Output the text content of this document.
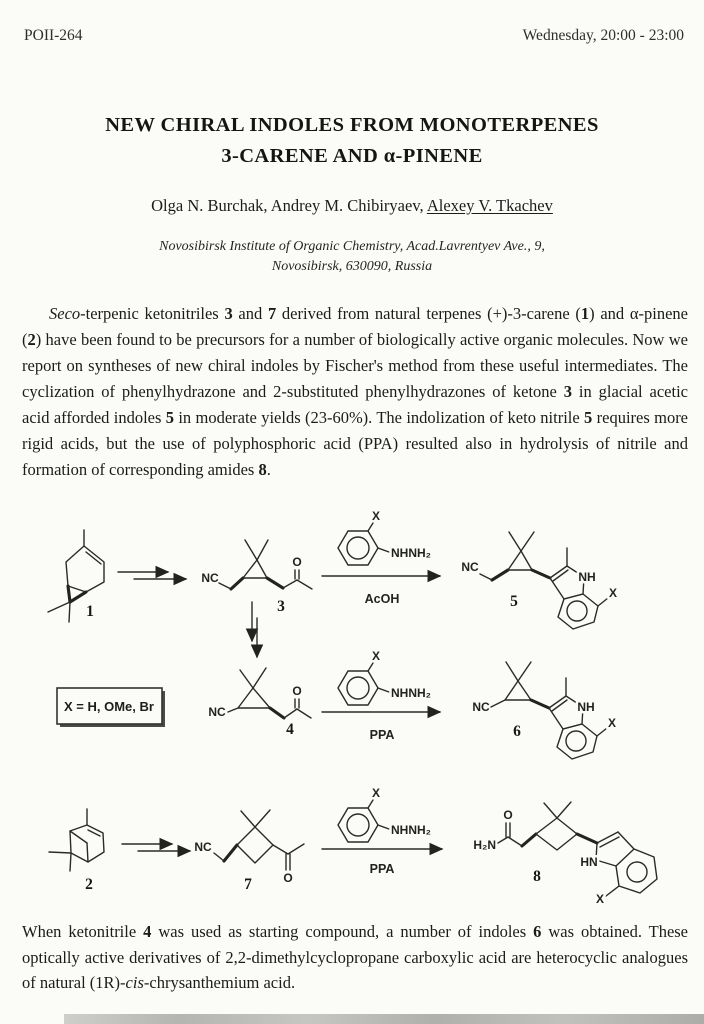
POII-264	Wednesday, 20:00 - 23:00
NEW CHIRAL INDOLES FROM MONOTERPENES
3-CARENE AND α-PINENE
Olga N. Burchak, Andrey M. Chibiryaev, Alexey V. Tkachev
Novosibirsk Institute of Organic Chemistry, Acad.Lavrentyev Ave., 9,
Novosibirsk, 630090, Russia
Seco-terpenic ketonitriles 3 and 7 derived from natural terpenes (+)-3-carene (1) and α-pinene (2) have been found to be precursors for a number of biologically active organic molecules. Now we report on syntheses of new chiral indoles by Fischer's method from these useful intermediates. The cyclization of phenylhydrazone and 2-substituted phenylhydrazones of ketone 3 in glacial acetic acid afforded indoles 5 in moderate yields (23-60%). The indolization of keto nitrile 5 requires more rigid acids, but the use of polyphosphoric acid (PPA) resulted also in hydrolysis of nitrile and formation of corresponding amides 8.
1
NC
O
3
X
NHNH₂
AcOH
NC
NH
X
5
X = H, OMe, Br	NC
O
4
X
NHNH₂
PPA
NC	NH
X
6
2
NC
O
7
X
NHNH₂
PPA
H₂N
O
HN
X
8
When ketonitrile 4 was used as starting compound, a number of indoles 6 was obtained. These optically active derivatives of 2,2-dimethylcyclopropane carboxylic acid are heterocyclic analogues of natural (1R)-cis-chrysanthemium acid.
